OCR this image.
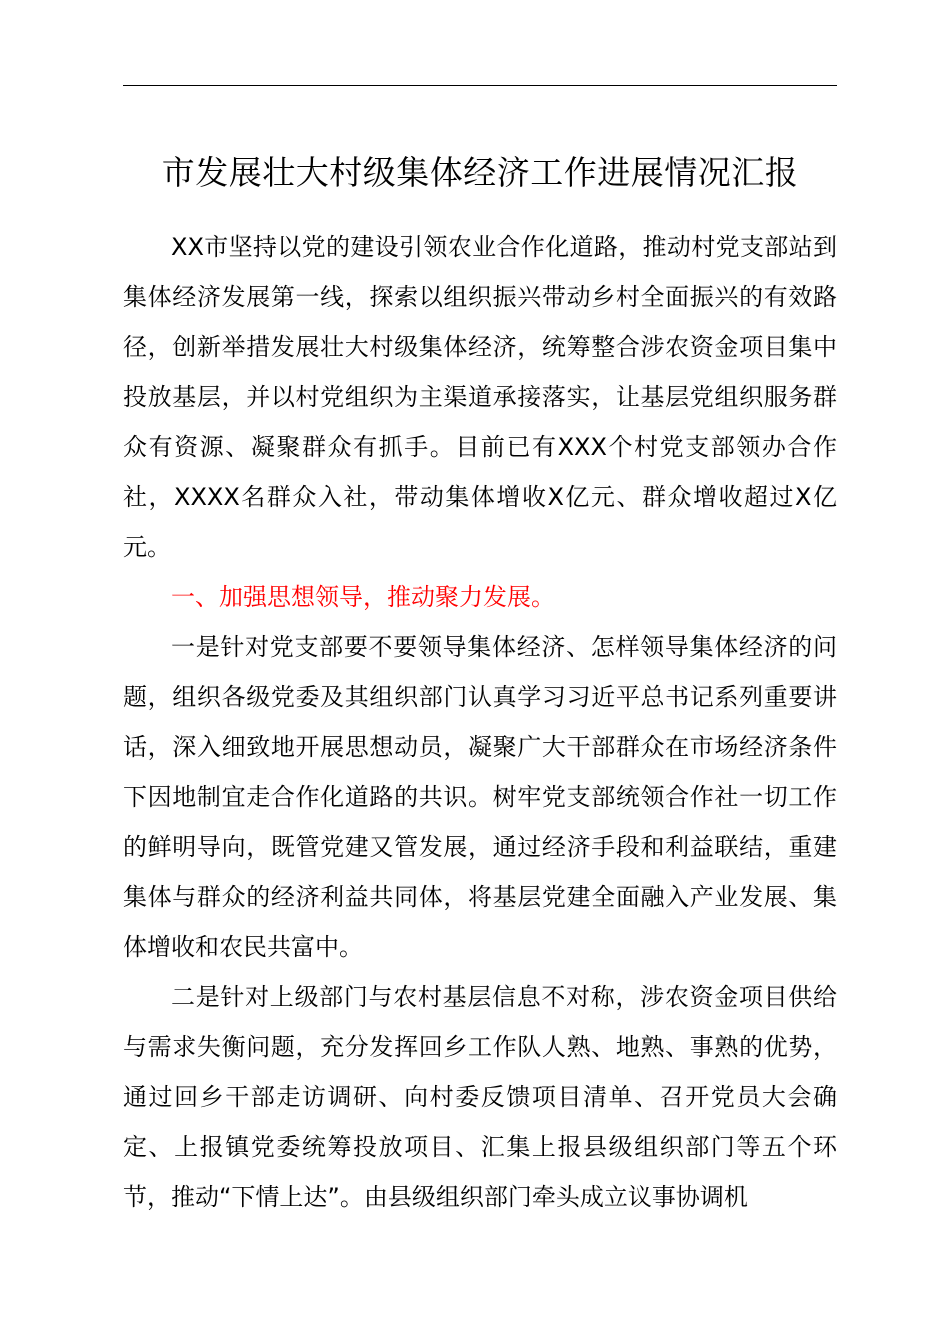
市发展壮大村级集体经济工作进展情况汇报

XX市坚持以党的建设引领农业合作化道路，推动村党支部站到集体经济发展第一线，探索以组织振兴带动乡村全面振兴的有效路径，创新举措发展壮大村级集体经济，统筹整合涉农资金项目集中投放基层，并以村党组织为主渠道承接落实，让基层党组织服务群众有资源、凝聚群众有抓手。目前已有XXX个村党支部领办合作社，XXXX名群众入社，带动集体增收X亿元、群众增收超过X亿元。

一、加强思想领导，推动聚力发展。

一是针对党支部要不要领导集体经济、怎样领导集体经济的问题，组织各级党委及其组织部门认真学习习近平总书记系列重要讲话，深入细致地开展思想动员，凝聚广大干部群众在市场经济条件下因地制宜走合作化道路的共识。树牢党支部统领合作社一切工作的鲜明导向，既管党建又管发展，通过经济手段和利益联结，重建集体与群众的经济利益共同体，将基层党建全面融入产业发展、集体增收和农民共富中。

二是针对上级部门与农村基层信息不对称，涉农资金项目供给与需求失衡问题，充分发挥回乡工作队人熟、地熟、事熟的优势，通过回乡干部走访调研、向村委反馈项目清单、召开党员大会确定、上报镇党委统筹投放项目、汇集上报县级组织部门等五个环节，推动“下情上达”。由县级组织部门牵头成立议事协调机
